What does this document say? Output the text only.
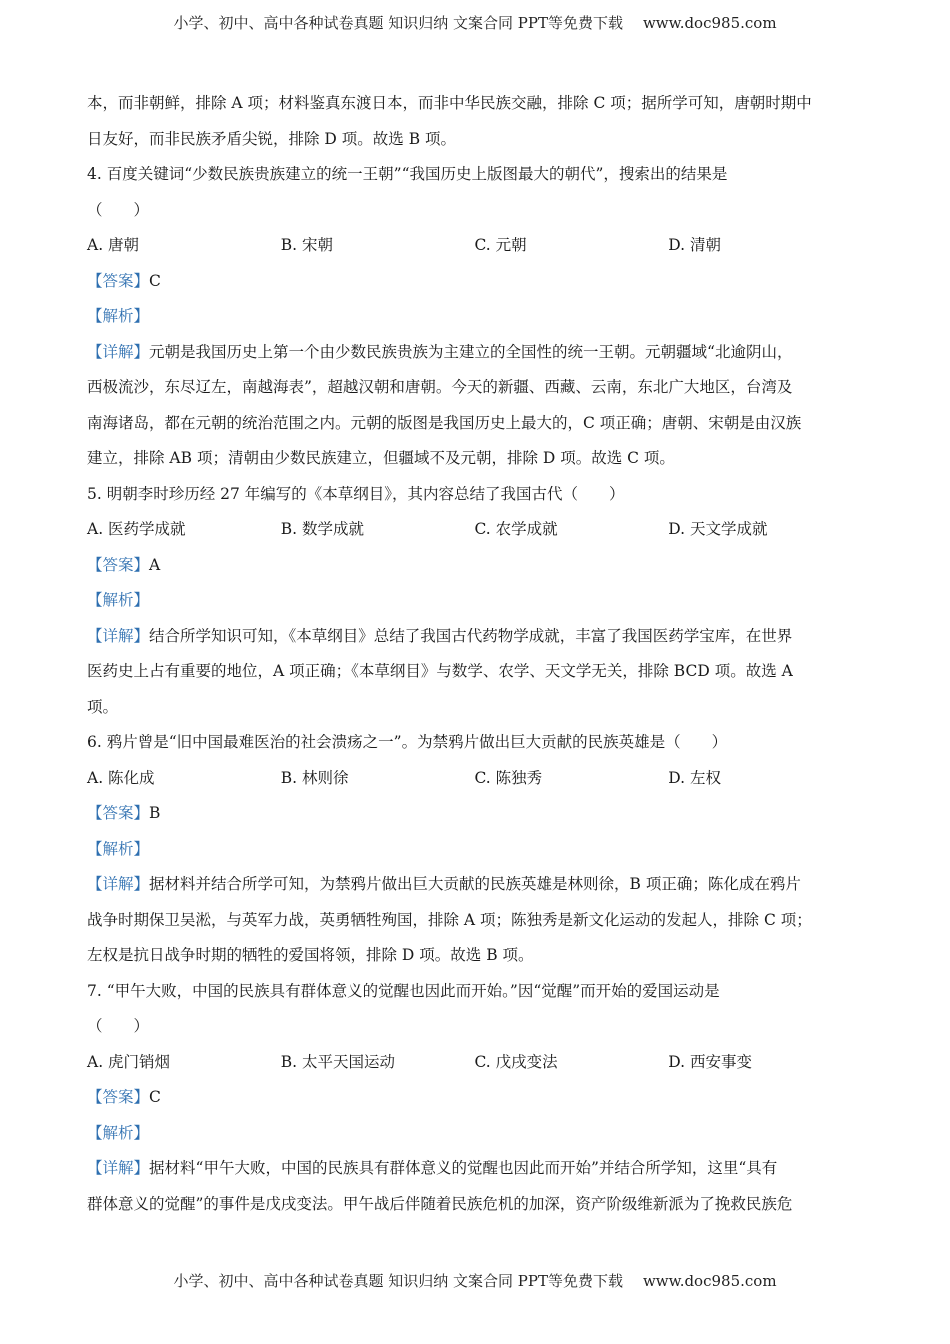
小学、初中、高中各种试卷真题 知识归纳 文案合同 PPT等免费下载 www.doc985.com
本，而非朝鲜，排除 A 项；材料鉴真东渡日本，而非中华民族交融，排除 C 项；据所学可知，唐朝时期中
日友好，而非民族矛盾尖锐，排除 D 项。故选 B 项。
4. 百度关键词“少数民族贵族建立的统一王朝”“我国历史上版图最大的朝代”，搜索出的结果是
（　　）
A. 唐朝	B. 宋朝	C. 元朝	D. 清朝
【答案】C
【解析】
【详解】元朝是我国历史上第一个由少数民族贵族为主建立的全国性的统一王朝。元朝疆域“北逾阴山，
西极流沙，东尽辽左，南越海表”，超越汉朝和唐朝。今天的新疆、西藏、云南，东北广大地区，台湾及
南海诸岛，都在元朝的统治范围之内。元朝的版图是我国历史上最大的，C 项正确；唐朝、宋朝是由汉族
建立，排除 AB 项；清朝由少数民族建立，但疆域不及元朝，排除 D 项。故选 C 项。
5. 明朝李时珍历经 27 年编写的《本草纲目》，其内容总结了我国古代（　　）
A. 医药学成就	B. 数学成就	C. 农学成就	D. 天文学成就
【答案】A
【解析】
【详解】结合所学知识可知，《本草纲目》总结了我国古代药物学成就，丰富了我国医药学宝库，在世界
医药史上占有重要的地位，A 项正确；《本草纲目》与数学、农学、天文学无关，排除 BCD 项。故选 A
项。
6. 鸦片曾是“旧中国最难医治的社会溃疡之一”。为禁鸦片做出巨大贡献的民族英雄是（　　）
A. 陈化成	B. 林则徐	C. 陈独秀	D. 左权
【答案】B
【解析】
【详解】据材料并结合所学可知，为禁鸦片做出巨大贡献的民族英雄是林则徐，B 项正确；陈化成在鸦片
战争时期保卫吴淞，与英军力战，英勇牺牲殉国，排除 A 项；陈独秀是新文化运动的发起人，排除 C 项；
左权是抗日战争时期的牺牲的爱国将领，排除 D 项。故选 B 项。
7. “甲午大败，中国的民族具有群体意义的觉醒也因此而开始。”因“觉醒”而开始的爱国运动是
（　　）
A. 虎门销烟	B. 太平天国运动	C. 戊戌变法	D. 西安事变
【答案】C
【解析】
【详解】据材料“甲午大败，中国的民族具有群体意义的觉醒也因此而开始”并结合所学知，这里“具有
群体意义的觉醒”的事件是戊戌变法。甲午战后伴随着民族危机的加深，资产阶级维新派为了挽救民族危
小学、初中、高中各种试卷真题 知识归纳 文案合同 PPT等免费下载 www.doc985.com
